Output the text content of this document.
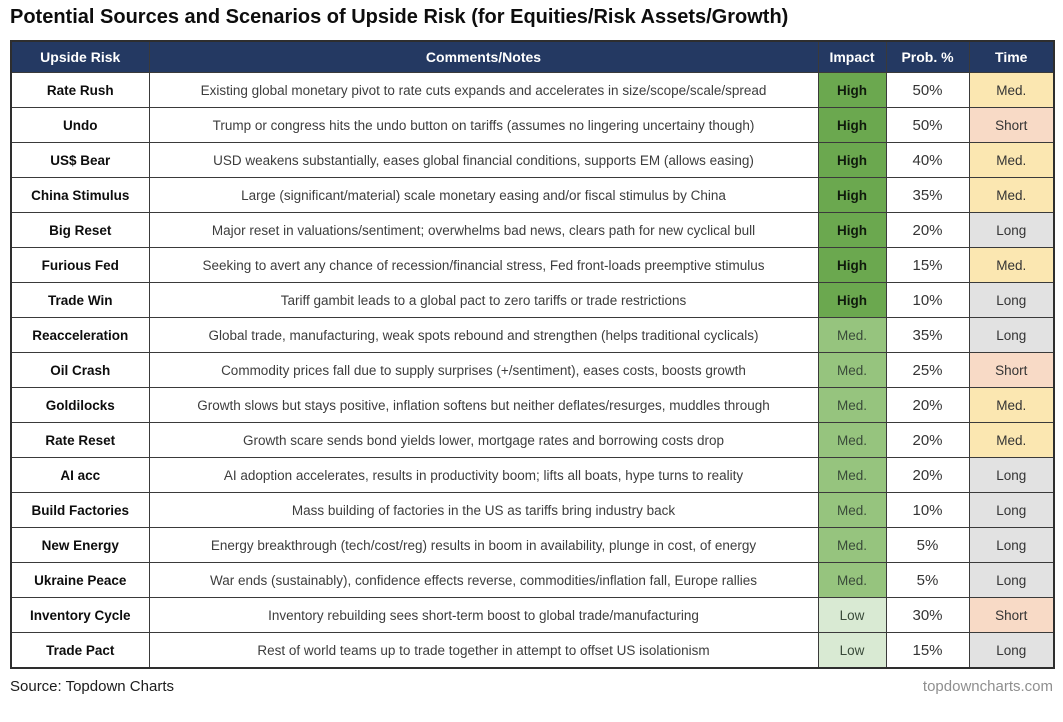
Potential Sources and Scenarios of Upside Risk (for Equities/Risk Assets/Growth)
Upside Risk	Comments/Notes	Impact	Prob. %	Time
Rate Rush	Existing global monetary pivot to rate cuts expands and accelerates in size/scope/scale/spread	High	50%	Med.
Undo	Trump or congress hits the undo button on tariffs (assumes no lingering uncertainy though)	High	50%	Short
US$ Bear	USD weakens substantially, eases global financial conditions, supports EM (allows easing)	High	40%	Med.
China Stimulus	Large (significant/material) scale monetary easing and/or fiscal stimulus by China	High	35%	Med.
Big Reset	Major reset in valuations/sentiment; overwhelms bad news, clears path for new cyclical bull	High	20%	Long
Furious Fed	Seeking to avert any chance of recession/financial stress, Fed front-loads preemptive stimulus	High	15%	Med.
Trade Win	Tariff gambit leads to a global pact to zero tariffs or trade restrictions	High	10%	Long
Reacceleration	Global trade, manufacturing, weak spots rebound and strengthen (helps traditional cyclicals)	Med.	35%	Long
Oil Crash	Commodity prices fall due to supply surprises (+/sentiment), eases costs, boosts growth	Med.	25%	Short
Goldilocks	Growth slows but stays positive, inflation softens but neither deflates/resurges, muddles through	Med.	20%	Med.
Rate Reset	Growth scare sends bond yields lower, mortgage rates and borrowing costs drop	Med.	20%	Med.
AI acc	AI adoption accelerates, results in productivity boom; lifts all boats, hype turns to reality	Med.	20%	Long
Build Factories	Mass building of factories in the US as tariffs bring industry back	Med.	10%	Long
New Energy	Energy breakthrough (tech/cost/reg) results in boom in availability, plunge in cost, of energy	Med.	5%	Long
Ukraine Peace	War ends (sustainably), confidence effects reverse, commodities/inflation fall, Europe rallies	Med.	5%	Long
Inventory Cycle	Inventory rebuilding sees short-term boost to global trade/manufacturing	Low	30%	Short
Trade Pact	Rest of world teams up to trade together in attempt to offset US isolationism	Low	15%	Long
Source: Topdown Charts	topdowncharts.com
